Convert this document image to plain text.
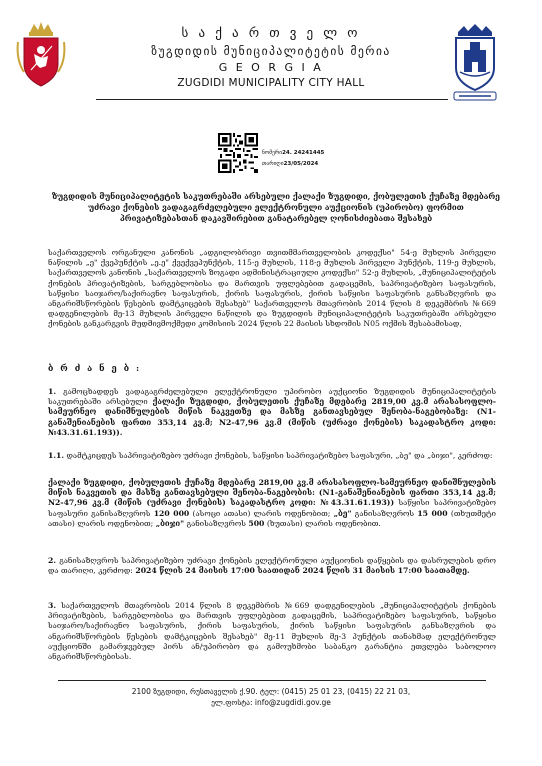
ს ა ქ ა რ თ ვ ე ლ ო
ზუგდიდის მუნიციპალიტეტის მერია
G E O R G I A
ZUGDIDI MUNICIPALITY CITY HALL
ნომერი24. 24241445
თარიღი23/05/2024
ზუგდიდის მუნიციპალიტეტის საკუთრებაში არსებული ქალაქი ზუგდიდი, ქობულეთის ქუჩაზე მდებარე უძრავი ქონების ვადაგაგრძელებული ელექტრონული აუქციონის (უპირობო) ფორმით პრივატიზებასთან დაკავშირებით განატარებელ ღონისძიებათა შესახებ
საქართველოს ორგანული კანონის „ადგილობრივი თვითმმართველობის კოდექსი" 54-ე მუხლის პირველი ნაწილის „ე" ქვეპუნქტის „ე.ე" ქვექვეპუნქტის, 115-ე მუხლის, 118-ე მუხლის პირველი პუნქტის, 119-ე მუხლის, საქართველოს კანონის „საქართველოს ზოგადი ადმინისტრაციული კოდექსი" 52-ე მუხლის, „მუნიციპალიტეტის ქონების პრივატიზების, სარგებლობისა და მართვის უფლებებით გადაცემის, საპრივატიზებო საფასურის, საწყისი საიჯარო/საქირავნო საფასურის, ქირის საფასურის, ქირის საწყისი საფასურის განსაზღვრის და ანგარიშსწორების წესების დამტკიცების შესახებ" საქართველოს მთავრობის 2014 წლის 8 დეკემბრის №669 დადგენილების მე-13 მუხლის პირველი ნაწილის და ზუგდიდის მუნიციპალიტეტის საკუთრებაში არსებული ქონების განკარგვის მუდმივმოქმედი კომისიის 2024 წლის 22 მაისის სხდომის N05 ოქმის შესაბამისად,
ბ რ ძ ა ნ ე ბ :
1. გამოცხადდეს ვადაგაგრძელებული ელექტრონული უპირობო აუქციონი ზუგდიდის მუნიციპალიტეტის საკუთრებაში არსებული ქალაქი ზუგდიდი, ქობულეთის ქუჩაზე მდებარე 2819,00 კვ.მ არასასოფლო-სამეურნეო დანიშნულების მიწის ნაკვეთზე და მასზე განთავსებულ შენობა-ნაგებობაზე: (N1-განაშენიანების ფართი 353,14 კვ.მ; N2-47,96 კვ.მ (მიწის (უძრავი ქონების) საკადასტრო კოდი: №43.31.61.193)).
1.1. დამტკიცდეს საპრივატიზებო უძრავი ქონების, საწყისი საპრივატიზებო საფასური, „ბე" და „ბიჯი", კერძოდ:
ქალაქი ზუგდიდი, ქობულეთის ქუჩაზე მდებარე 2819,00 კვ.მ არასასოფლო-სამეურნეო დანიშნულების მიწის ნაკვეთის და მასზე განთავსებული შენობა-ნაგებობის: (N1-განაშენიანების ფართი 353,14 კვ.მ; N2-47,96 კვ.მ (მიწის (უძრავი ქონების) საკადასტრო კოდი: №43.31.61.193)) საწყისი საპრივატიზებო საფასური განისაზღვროს 120 000 (ასოცი ათასი) ლარის ოდენობით; „ბე" განისაზღვროს 15 000 (თხუთმეტი ათასი) ლარის ოდენობით; „ბიჯი" განისაზღვროს 500 (ხუთასი) ლარის ოდენობით.
2. განისაზღვროს საპრივატიზებო უძრავი ქონების ელექტრონული აუქციონის დაწყების და დასრულების დრო და თარიღი, კერძოდ: 2024 წლის 24 მაისის 17:00 საათიდან 2024 წლის 31 მაისის 17:00 საათამდე.
3. საქართველოს მთავრობის 2014 წლის 8 დეკემბრის №669 დადგენილების „მუნიციპალიტეტის ქონების პრივატიზების, სარგებლობისა და მართვის უფლებებით გადაცემის, საპრივატიზებო საფასურის, საწყისი საიჯარო/საქირავნო საფასურის, ქირის საფასურის, ქირის საწყისი საფასურის განსაზღვრის და ანგარიშსწორების წესების დამტკიცების შესახებ" მე-11 მუხლის მე-3 პუნქტის თანახმად ელექტრონულ აუქციონში გამარჯვებულ პირს ან/უპირობო და გამოუხმობი საბანკო გარანტია ეთვლება საბოლოო ანგარიშსწორებისას.
2100 ზუგდიდი, რუსთაველის ქ.90. ტელ: (0415) 25 01 23, (0415) 22 21 03,
ელ.ფოსტა: info@zugdidi.gov.ge
